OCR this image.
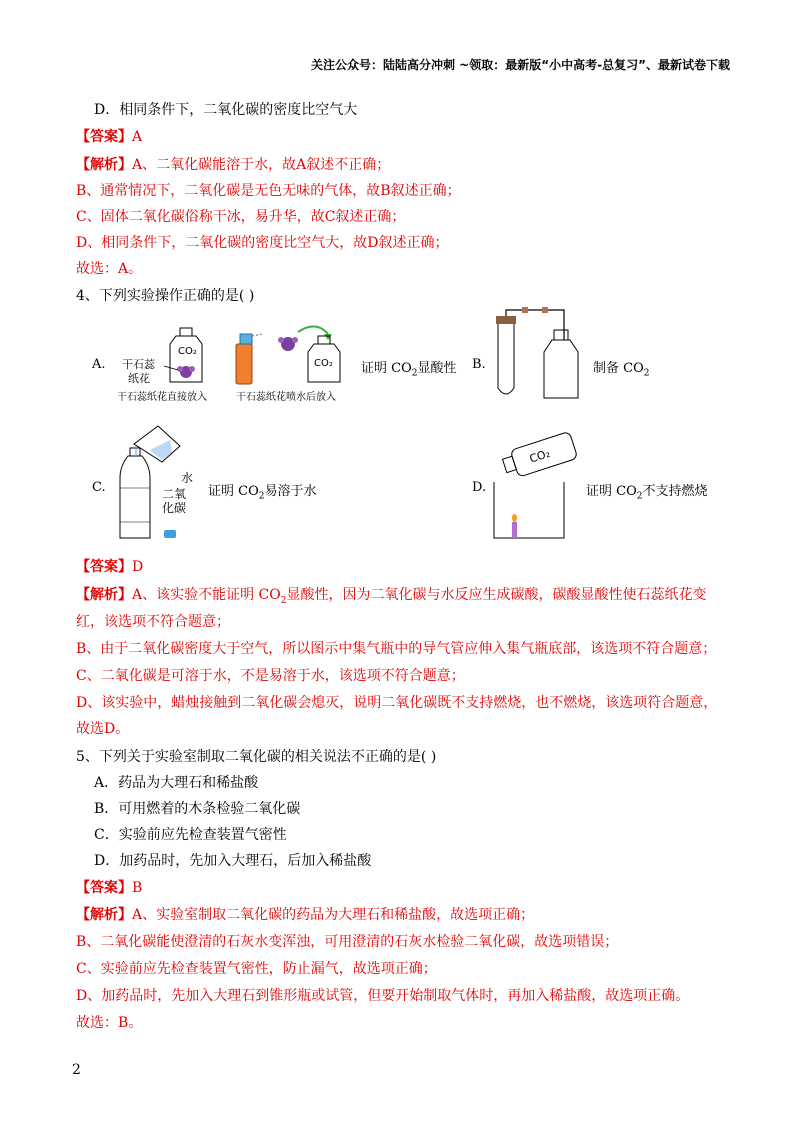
关注公众号：陆陆高分冲刺 ~领取：最新版“小中高考-总复习”、最新试卷下载
D．相同条件下，二氧化碳的密度比空气大
【答案】A
【解析】A、二氧化碳能溶于水，故A叙述不正确；
B、通常情况下，二氧化碳是无色无味的气体，故B叙述正确；
C、固体二氧化碳俗称干冰，易升华，故C叙述正确；
D、相同条件下，二氧化碳的密度比空气大，故D叙述正确；
故选：A。
4、下列实验操作正确的是( )
A. 干石蕊
纸花
CO₂
CO₂
干石蕊纸花直接放入	干石蕊纸花喷水后放入
证明 $CO_2$显酸性 B.	制备 $CO_2$
C.
水
二氧
化碳
证明 $CO_2$易溶于水	D.
CO₂
证明 $CO_2$不支持燃烧
【答案】D
【解析】A、该实验不能证明 $CO_2$显酸性，因为二氧化碳与水反应生成碳酸，碳酸显酸性使石蕊纸花变
红，该选项不符合题意；
B、由于二氧化碳密度大于空气，所以图示中集气瓶中的导气管应伸入集气瓶底部，该选项不符合题意；
C、二氧化碳是可溶于水，不是易溶于水，该选项不符合题意；
D、该实验中，蜡烛接触到二氧化碳会熄灭，说明二氧化碳既不支持燃烧，也不燃烧，该选项符合题意，
故选D。
5、下列关于实验室制取二氧化碳的相关说法不正确的是( )
A．药品为大理石和稀盐酸
B．可用燃着的木条检验二氧化碳
C．实验前应先检查装置气密性
D．加药品时，先加入大理石，后加入稀盐酸
【答案】B
【解析】A、实验室制取二氧化碳的药品为大理石和稀盐酸，故选项正确；
B、二氧化碳能使澄清的石灰水变浑浊，可用澄清的石灰水检验二氧化碳，故选项错误；
C、实验前应先检查装置气密性，防止漏气，故选项正确；
D、加药品时，先加入大理石到锥形瓶或试管，但要开始制取气体时，再加入稀盐酸，故选项正确。
故选：B。
2
